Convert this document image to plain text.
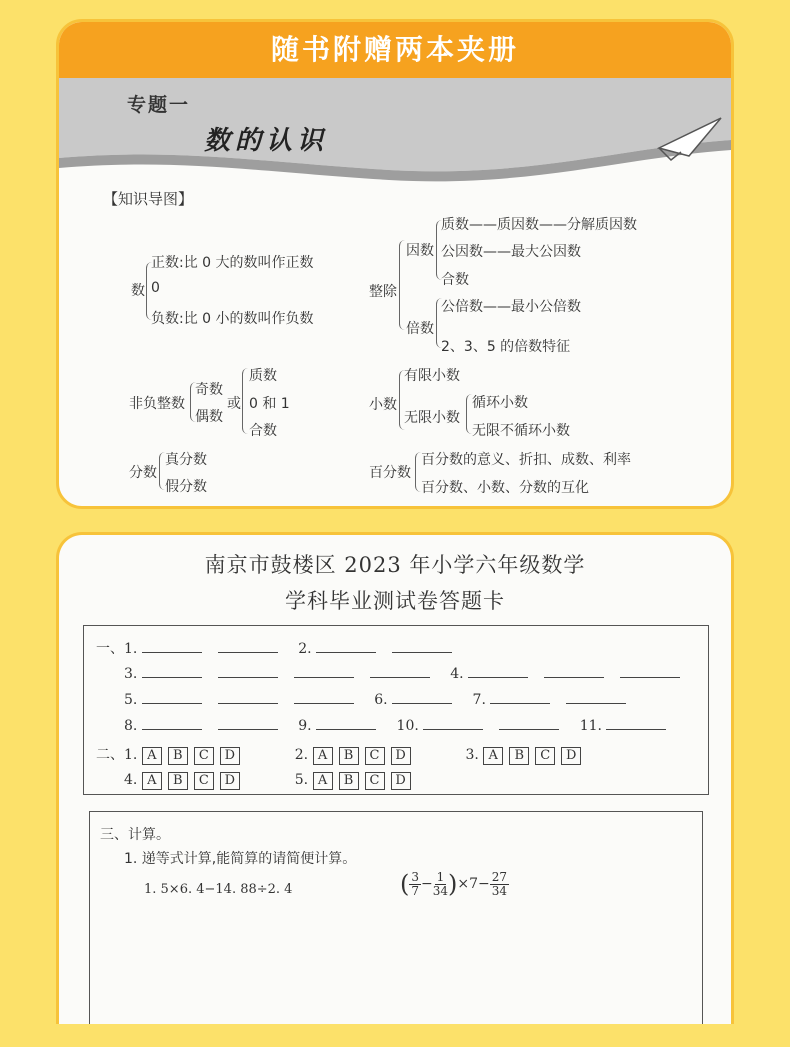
随书附赠两本夹册
专题一
数的认识
【知识导图】
数
正数:比 0 大的数叫作正数
0
负数:比 0 小的数叫作负数
非负整数
奇数
偶数
或
质数
0 和 1
合数
分数
真分数
假分数
整除
因数
质数——质因数——分解质因数
公因数——最大公因数
合数
倍数
公倍数——最小公倍数
2、3、5 的倍数特征
小数
有限小数
无限小数
循环小数
无限不循环小数
百分数
百分数的意义、折扣、成数、利率
百分数、小数、分数的互化
南京市鼓楼区 2023 年小学六年级数学
学科毕业测试卷答题卡
一、1.	2.
3.	4.
5.	6.	7.
8.	9.	10.	11.
二、1. A B C D	2. A B C D	3. A B C D
4. A B C D	5. A B C D
三、计算。
1. 递等式计算,能简算的请简便计算。
1. 5×6. 4−14. 88÷2. 4	( $\frac{3}{7} - \frac{1}{34} )\times 7- \frac{27}{34}$
